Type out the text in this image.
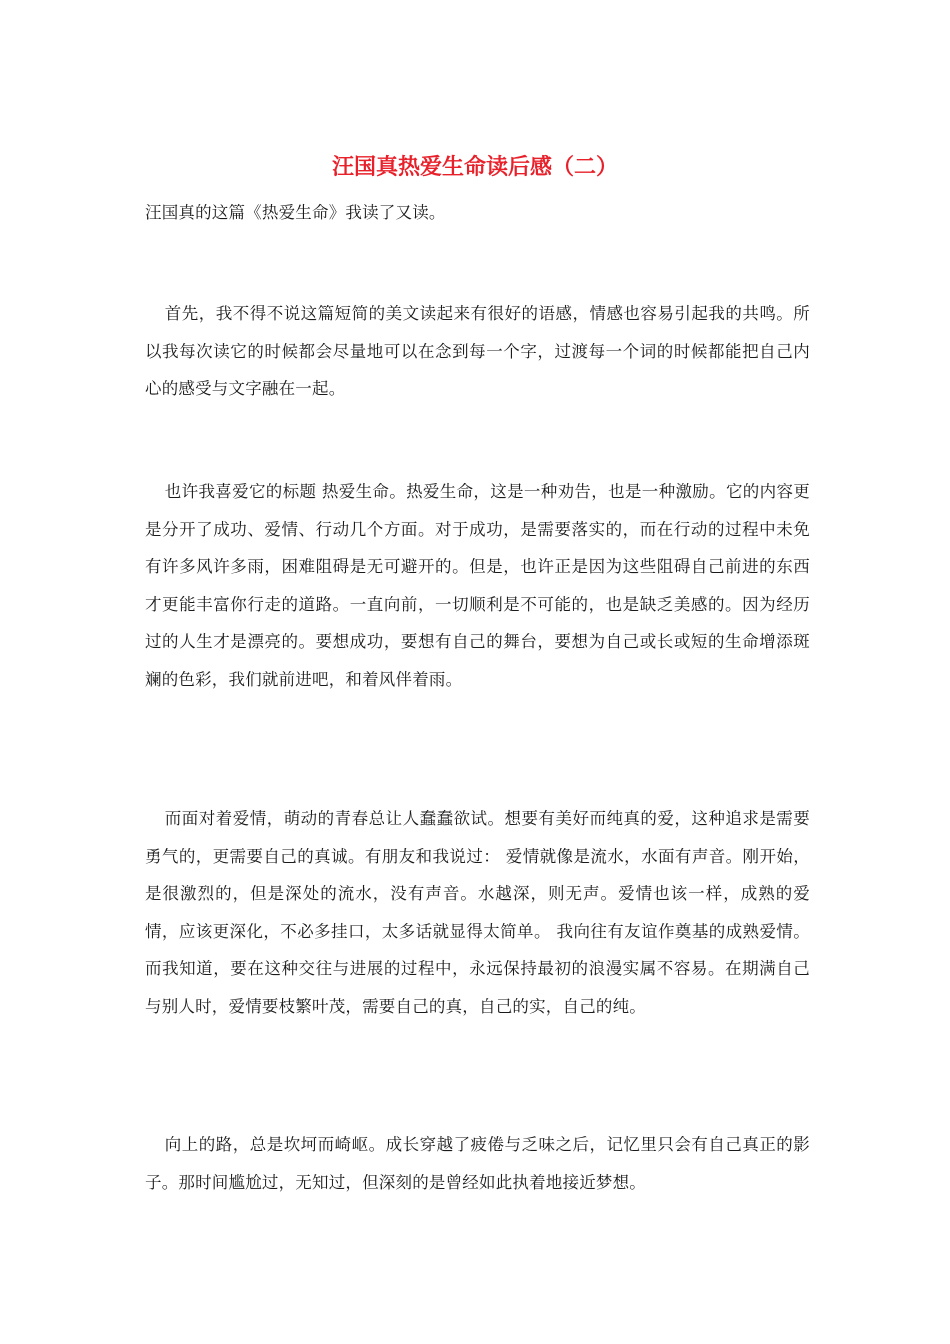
汪国真热爱生命读后感（二）

汪国真的这篇《热爱生命》我读了又读。

首先，我不得不说这篇短简的美文读起来有很好的语感，情感也容易引起我的共鸣。所以我每次读它的时候都会尽量地可以在念到每一个字，过渡每一个词的时候都能把自己内心的感受与文字融在一起。

也许我喜爱它的标题 热爱生命。热爱生命，这是一种劝告，也是一种激励。它的内容更是分开了成功、爱情、行动几个方面。对于成功，是需要落实的，而在行动的过程中未免有许多风许多雨，困难阻碍是无可避开的。但是，也许正是因为这些阻碍自己前进的东西才更能丰富你行走的道路。一直向前，一切顺利是不可能的，也是缺乏美感的。因为经历过的人生才是漂亮的。要想成功，要想有自己的舞台，要想为自己或长或短的生命增添斑斓的色彩，我们就前进吧，和着风伴着雨。

而面对着爱情，萌动的青春总让人蠢蠢欲试。想要有美好而纯真的爱，这种追求是需要勇气的，更需要自己的真诚。有朋友和我说过： 爱情就像是流水，水面有声音。刚开始，是很激烈的，但是深处的流水，没有声音。水越深，则无声。爱情也该一样，成熟的爱情，应该更深化，不必多挂口，太多话就显得太简单。 我向往有友谊作奠基的成熟爱情。而我知道，要在这种交往与进展的过程中，永远保持最初的浪漫实属不容易。在期满自己与别人时，爱情要枝繁叶茂，需要自己的真，自己的实，自己的纯。

向上的路，总是坎坷而崎岖。成长穿越了疲倦与乏味之后，记忆里只会有自己真正的影子。那时间尴尬过，无知过，但深刻的是曾经如此执着地接近梦想。
